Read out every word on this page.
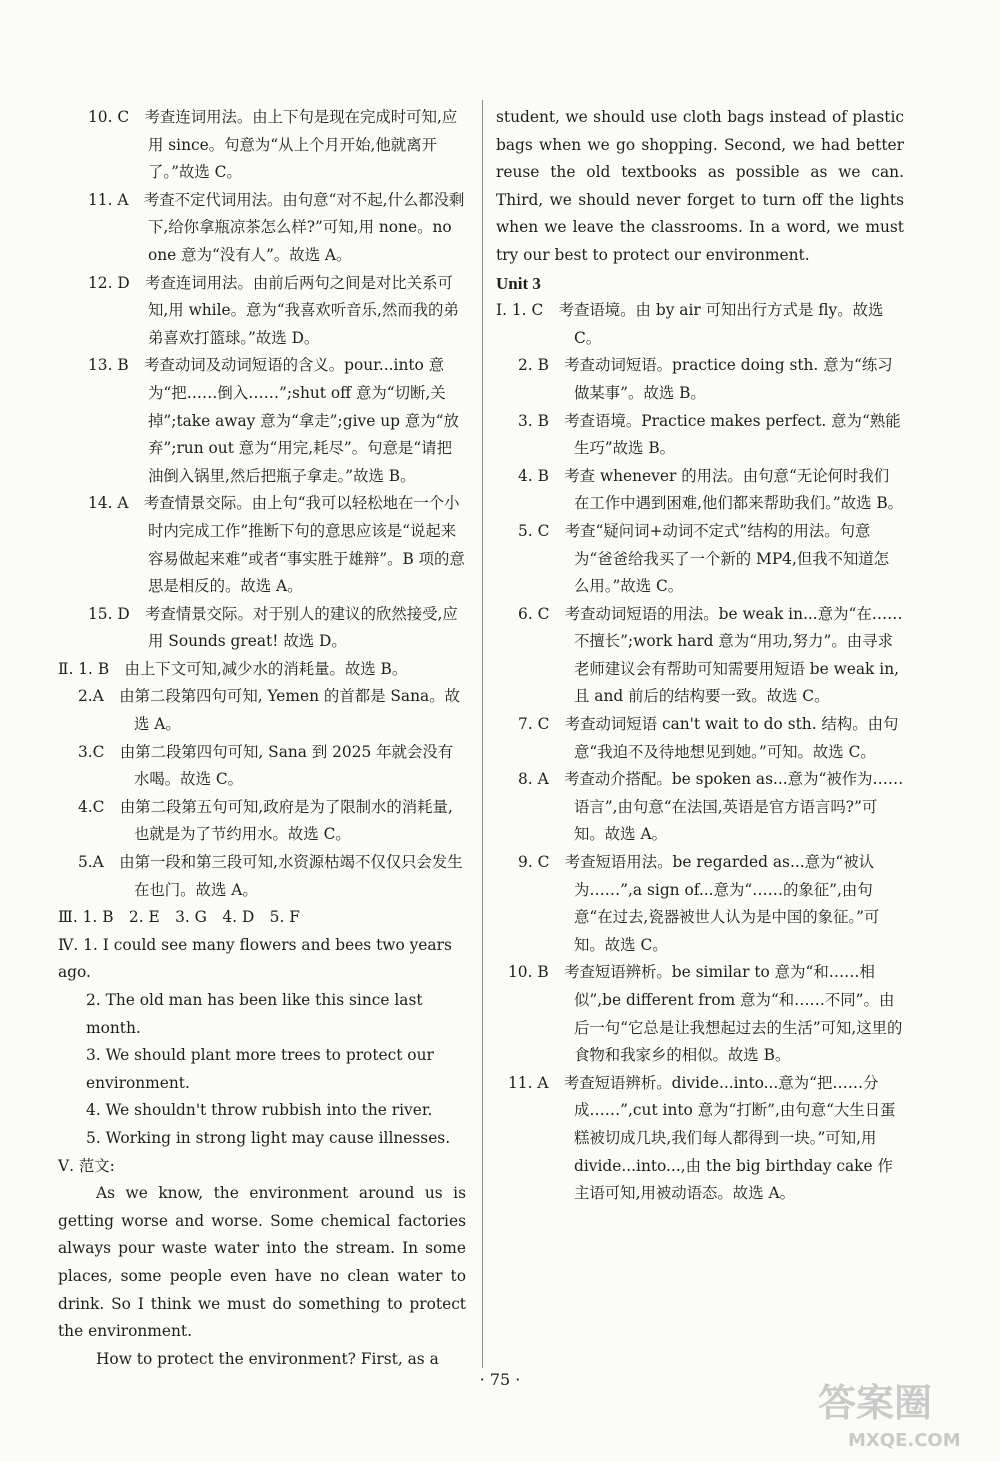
10. C　考查连词用法。由上下句是现在完成时可知,应用 since。句意为“从上个月开始,他就离开了。”故选 C。

11. A　考查不定代词用法。由句意“对不起,什么都没剩下,给你拿瓶凉茶怎么样?”可知,用 none。no one 意为“没有人”。故选 A。

12. D　考查连词用法。由前后两句之间是对比关系可知,用 while。意为“我喜欢听音乐,然而我的弟弟喜欢打篮球。”故选 D。

13. B　考查动词及动词短语的含义。pour...into 意为“把……倒入……”;shut off 意为“切断,关掉”;take away 意为“拿走”;give up 意为“放弃”;run out 意为“用完,耗尽”。句意是“请把油倒入锅里,然后把瓶子拿走。”故选 B。

14. A　考查情景交际。由上句“我可以轻松地在一个小时内完成工作”推断下句的意思应该是“说起来容易做起来难”或者“事实胜于雄辩”。B 项的意思是相反的。故选 A。

15. D　考查情景交际。对于别人的建议的欣然接受,应用 Sounds great! 故选 D。

Ⅱ. 1. B　由上下文可知,减少水的消耗量。故选 B。

2.A　由第二段第四句可知, Yemen 的首都是 Sana。故选 A。

3.C　由第二段第四句可知, Sana 到 2025 年就会没有水喝。故选 C。

4.C　由第二段第五句可知,政府是为了限制水的消耗量,也就是为了节约用水。故选 C。

5.A　由第一段和第三段可知,水资源枯竭不仅仅只会发生在也门。故选 A。

Ⅲ. 1. B　2. E　3. G　4. D　5. F

Ⅳ. 1. I could see many flowers and bees two years ago.

2. The old man has been like this since last month.

3. We should plant more trees to protect our environment.

4. We shouldn't throw rubbish into the river.

5. Working in strong light may cause illnesses.

Ⅴ. 范文:

As we know, the environment around us is getting worse and worse. Some chemical factories always pour waste water into the stream. In some places, some people even have no clean water to drink. So I think we must do something to protect the environment.

How to protect the environment? First, as a

student, we should use cloth bags instead of plastic bags when we go shopping. Second, we had better reuse the old textbooks as possible as we can. Third, we should never forget to turn off the lights when we leave the classrooms. In a word, we must try our best to protect our environment.

Unit 3

Ⅰ. 1. C　考查语境。由 by air 可知出行方式是 fly。故选 C。

2. B　考查动词短语。practice doing sth. 意为“练习做某事”。故选 B。

3. B　考查语境。Practice makes perfect. 意为“熟能生巧”故选 B。

4. B　考查 whenever 的用法。由句意“无论何时我们在工作中遇到困难,他们都来帮助我们。”故选 B。

5. C　考查“疑问词+动词不定式”结构的用法。句意为“爸爸给我买了一个新的 MP4,但我不知道怎么用。”故选 C。

6. C　考查动词短语的用法。be weak in...意为“在……不擅长”;work hard 意为“用功,努力”。由寻求老师建议会有帮助可知需要用短语 be weak in,且 and 前后的结构要一致。故选 C。

7. C　考查动词短语 can't wait to do sth. 结构。由句意“我迫不及待地想见到她。”可知。故选 C。

8. A　考查动介搭配。be spoken as...意为“被作为……语言”,由句意“在法国,英语是官方语言吗?”可知。故选 A。

9. C　考查短语用法。be regarded as...意为“被认为……”,a sign of...意为“……的象征”,由句意“在过去,瓷器被世人认为是中国的象征。”可知。故选 C。

10. B　考查短语辨析。be similar to 意为“和……相似”,be different from 意为“和……不同”。由后一句“它总是让我想起过去的生活”可知,这里的食物和我家乡的相似。故选 B。

11. A　考查短语辨析。divide...into...意为“把……分成……”,cut into 意为“打断”,由句意“大生日蛋糕被切成几块,我们每人都得到一块。”可知,用 divide...into...,由 the big birthday cake 作主语可知,用被动语态。故选 A。

· 75 ·
答案圈
MXQE.COM
